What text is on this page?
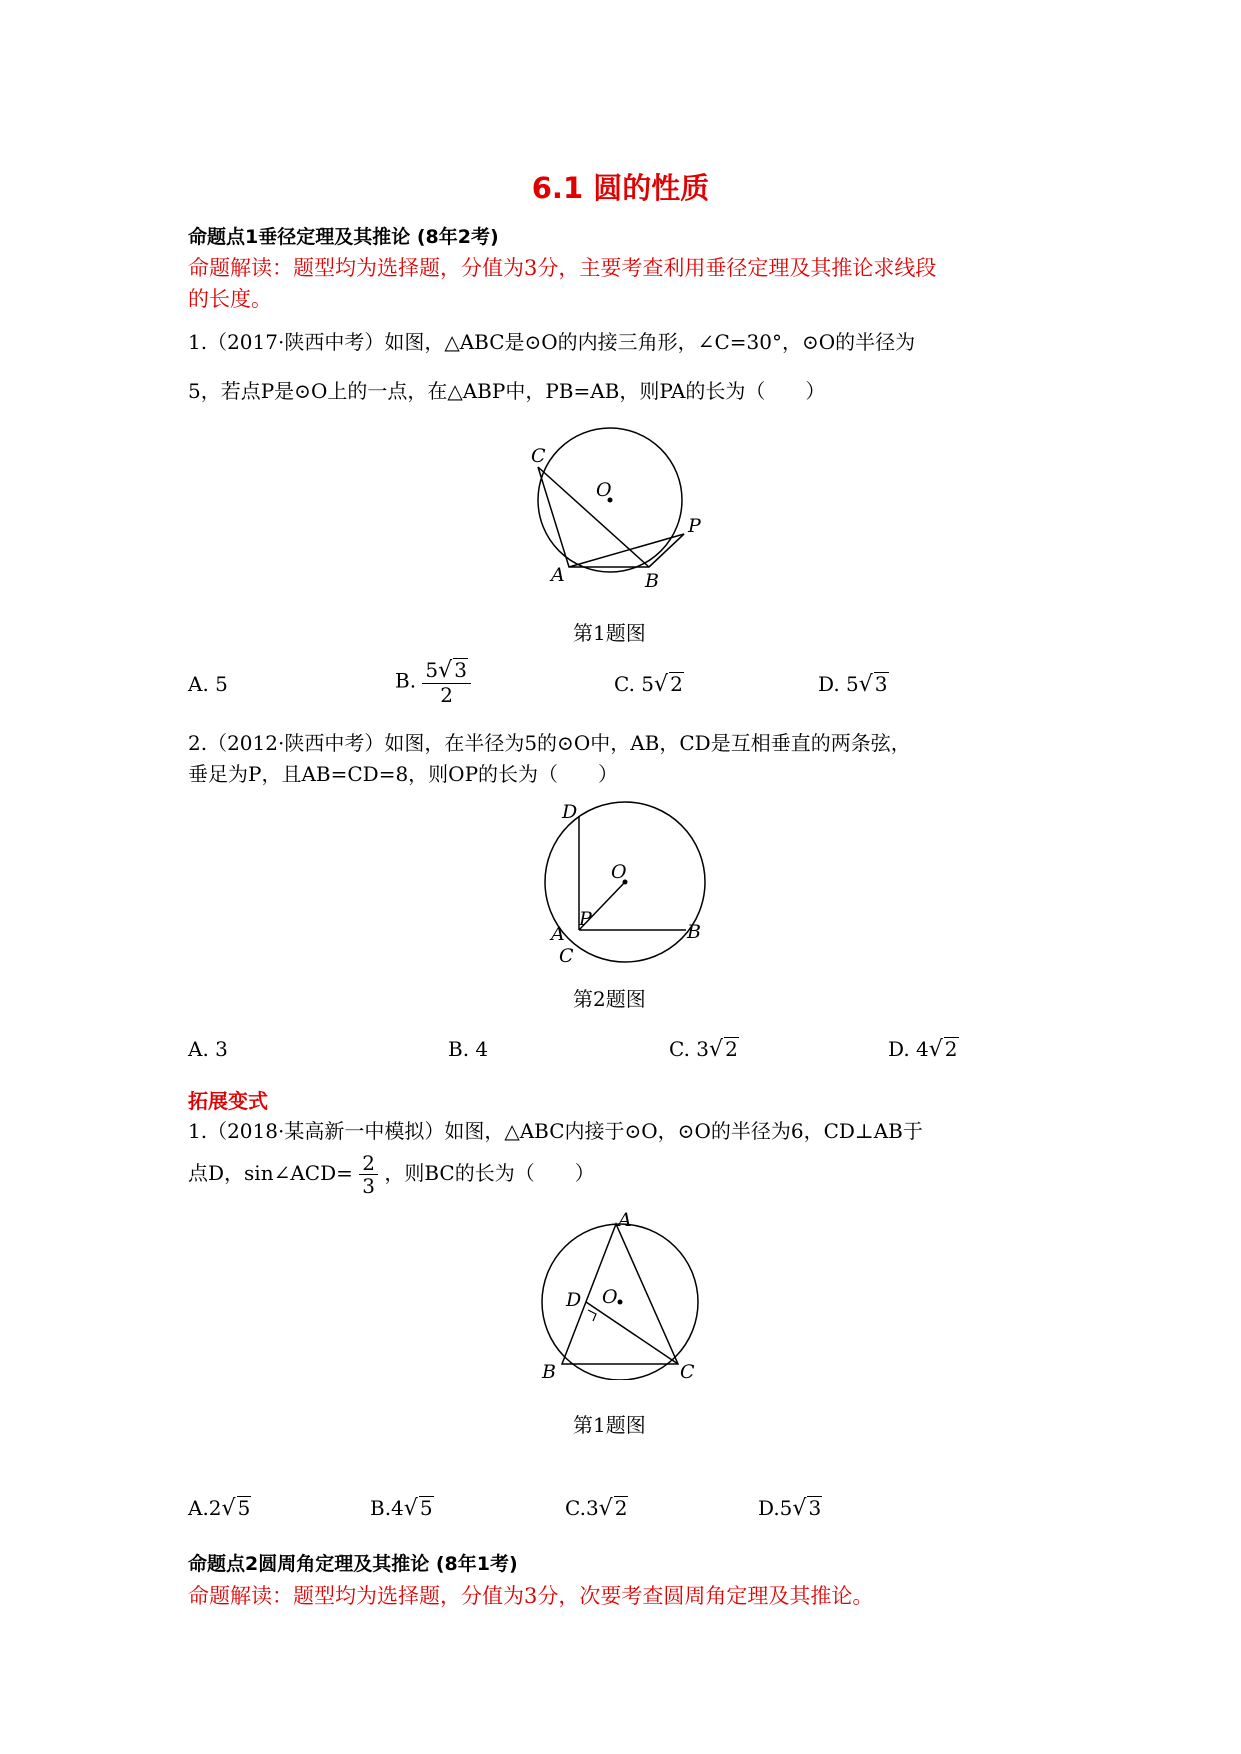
6.1 圆的性质
命题点1垂径定理及其推论 (8年2考)
命题解读：题型均为选择题，分值为3分，主要考查利用垂径定理及其推论求线段
的长度。
1.（2017·陕西中考）如图，△ABC是⊙O的内接三角形，∠C=30°，⊙O的半径为
5，若点P是⊙O上的一点，在△ABP中，PB=AB，则PA的长为（　　）
C
O
P
A	B
第1题图
A. 5	B. $\frac{5√ 3}{2}$	C. 5√ 2	D. 5√ 3
2.（2012·陕西中考）如图，在半径为5的⊙O中，AB，CD是互相垂直的两条弦，
垂足为P，且AB=CD=8，则OP的长为（　　）
D
O
P
A	B
C
第2题图
A. 3	B. 4	C. 3√ 2	D. 4√ 2
拓展变式
1.（2018·某高新一中模拟）如图，△ABC内接于⊙O，⊙O的半径为6，CD⊥AB于
点D，sin∠ACD= $\frac{2}{3}$ ，则BC的长为（　　）
A
D O
B	C
第1题图
A.2√ 5	B.4√ 5	C.3√ 2	D.5√ 3
命题点2圆周角定理及其推论 (8年1考)
命题解读：题型均为选择题，分值为3分，次要考查圆周角定理及其推论。
